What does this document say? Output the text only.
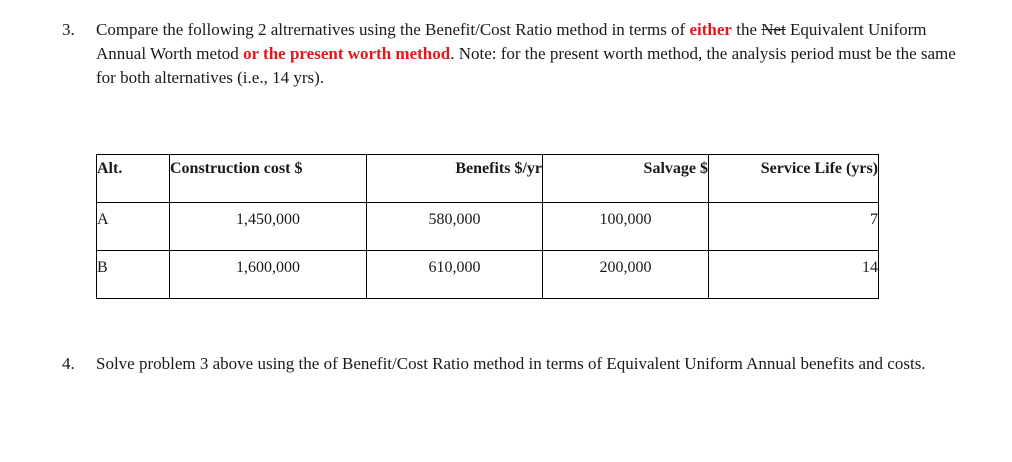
3. Compare the following 2 altrernatives using the Benefit/Cost Ratio method in terms of either the Net Equivalent Uniform Annual Worth metod or the present worth method. Note: for the present worth method, the analysis period must be the same for both alternatives (i.e., 14 yrs).
Alt.	Construction cost $	Benefits $/yr	Salvage $	Service Life (yrs)
A	1,450,000	580,000	100,000	7
B	1,600,000	610,000	200,000	14
4. Solve problem 3 above using the of Benefit/Cost Ratio method in terms of Equivalent Uniform Annual benefits and costs.
